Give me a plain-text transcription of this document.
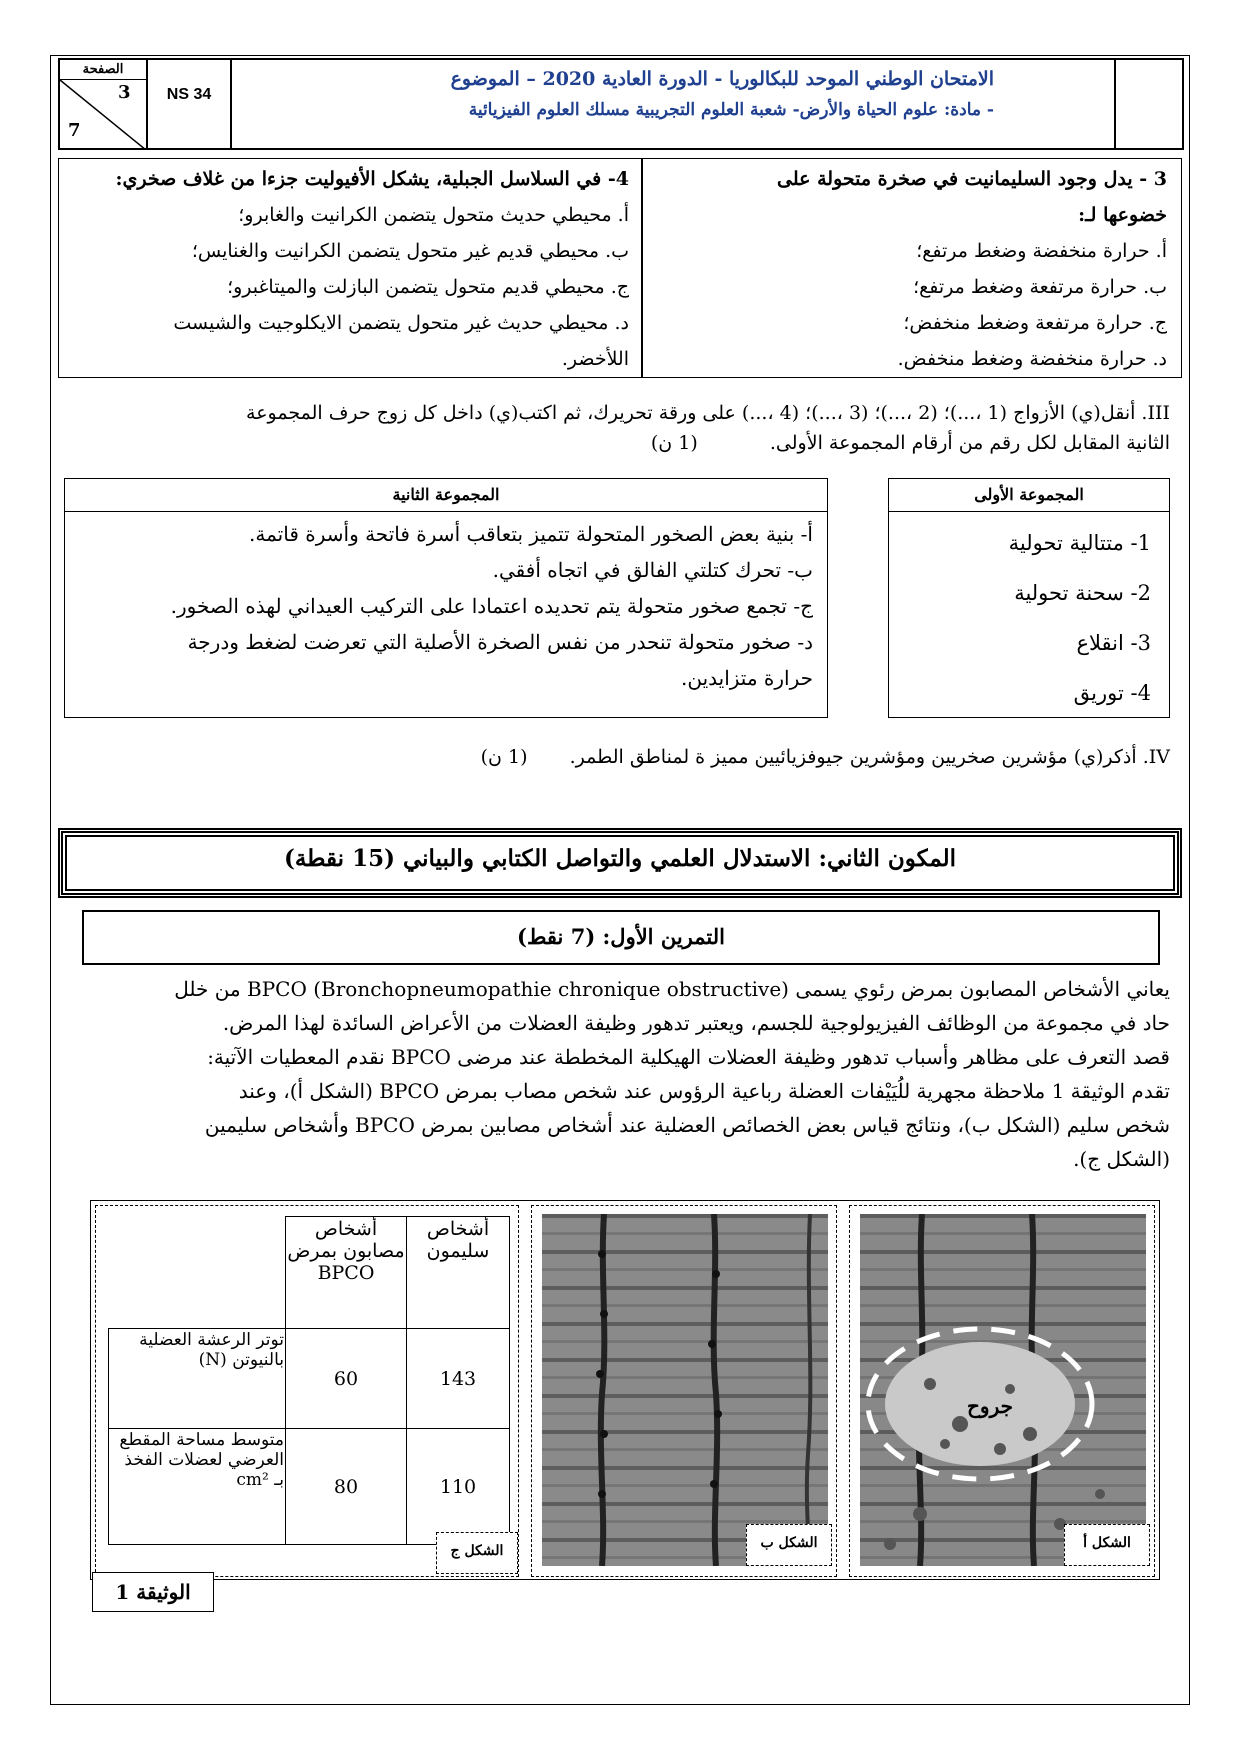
الصفحة
3
7
NS 34
الامتحان الوطني الموحد للبكالوريا - الدورة العادية 2020 – الموضوع
- مادة: علوم الحياة والأرض- شعبة العلوم التجريبية مسلك العلوم الفيزيائية
4- في السلاسل الجبلية، يشكل الأفيوليت جزءا من غلاف صخري:
أ. محيطي حديث متحول يتضمن الكرانيت والغابرو؛
ب. محيطي قديم غير متحول يتضمن الكرانيت والغنايس؛
ج. محيطي قديم متحول يتضمن البازلت والميتاغبرو؛
د. محيطي حديث غير متحول يتضمن الايكلوجيت والشيست
اللأخضر.
3 - يدل وجود السليمانيت في صخرة متحولة على
خضوعها لـ:
أ. حرارة منخفضة وضغط مرتفع؛
ب. حرارة مرتفعة وضغط مرتفع؛
ج. حرارة مرتفعة وضغط منخفض؛
د. حرارة منخفضة وضغط منخفض.
III. أنقل(ي) الأزواج (1 ،...)؛ (2 ،...)؛ (3 ،...)؛ (4 ،...) على ورقة تحريرك، ثم اكتب(ي) داخل كل زوج حرف المجموعة
الثانية المقابل لكل رقم من أرقام المجموعة الأولى.  (1 ن)
المجموعة الثانية
أ- بنية بعض الصخور المتحولة تتميز بتعاقب أسرة فاتحة وأسرة قاتمة.
ب- تحرك كتلتي الفالق في اتجاه أفقي.
ج- تجمع صخور متحولة يتم تحديده اعتمادا على التركيب العيداني لهذه الصخور.
د- صخور متحولة تنحدر من نفس الصخرة الأصلية التي تعرضت لضغط ودرجة
حرارة متزايدين.
المجموعة الأولى
1- متتالية تحولية
2- سحنة تحولية
3- انقلاع
4- توريق
IV. أذكر(ي) مؤشرين صخريين ومؤشرين جيوفزيائيين مميز ة لمناطق الطمر.  (1 ن)
المكون الثاني: الاستدلال العلمي والتواصل الكتابي والبياني (15 نقطة)
التمرين الأول: (7 نقط)
يعاني الأشخاص المصابون بمرض رئوي يسمى BPCO (Bronchopneumopathie chronique obstructive) من خلل
حاد في مجموعة من الوظائف الفيزيولوجية للجسم، ويعتبر تدهور وظيفة العضلات من الأعراض السائدة لهذا المرض.
قصد التعرف على مظاهر وأسباب تدهور وظيفة العضلات الهيكلية المخططة عند مرضى BPCO نقدم المعطيات الآتية:
تقدم الوثيقة 1 ملاحظة مجهرية للُيَيْفات العضلة رباعية الرؤوس عند شخص مصاب بمرض BPCO (الشكل أ)، وعند
شخص سليم (الشكل ب)، ونتائج قياس بعض الخصائص العضلية عند أشخاص مصابين بمرض BPCO وأشخاص سليمين
(الشكل ج).
أشخاص سليمون	أشخاص مصابون بمرض BPCO	
143	60	توتر الرعشة العضلية بالنيوتن (N)
110	80	متوسط مساحة المقطع العرضي لعضلات الفخذ بـ cm²
الشكل ج	الشكل ب
جروح
الشكل أ
الوثيقة 1
